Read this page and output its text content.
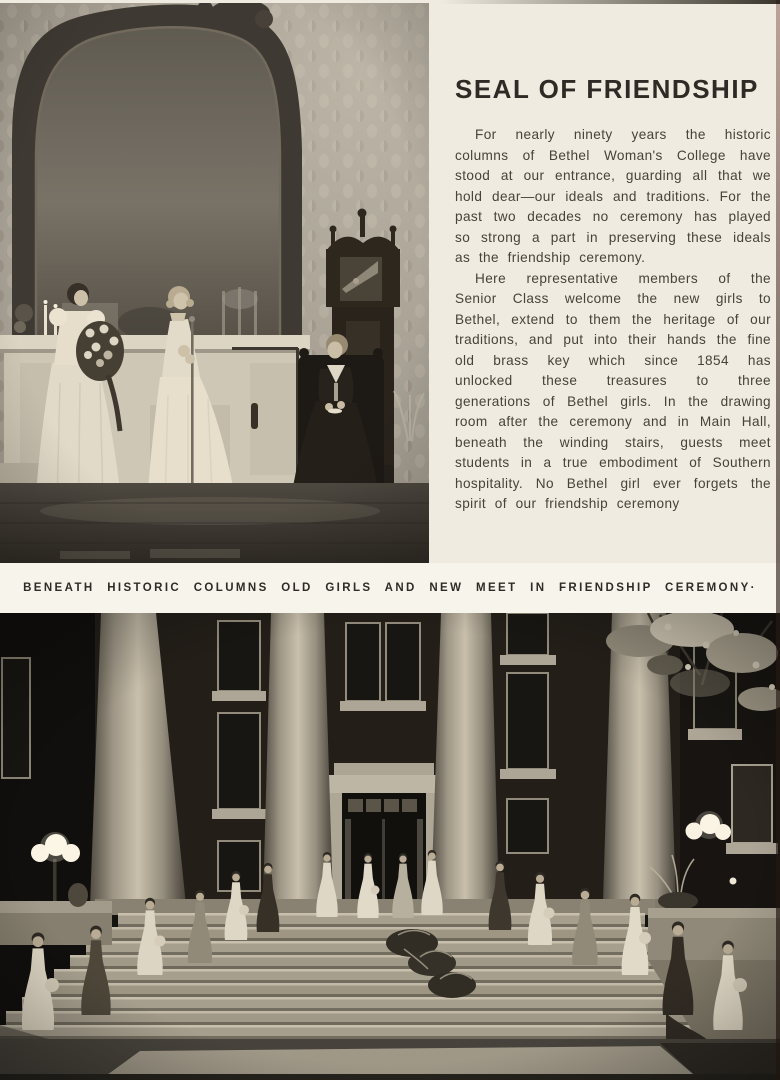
SEAL OF FRIENDSHIP

For nearly ninety years the historic columns of Bethel Woman's College have stood at our entrance, guarding all that we hold dear—our ideals and traditions. For the past two decades no ceremony has played so strong a part in preserving these ideals as the friendship ceremony.

Here representative members of the Senior Class welcome the new girls to Bethel, extend to them the heritage of our traditions, and put into their hands the fine old brass key which since 1854 has unlocked these treasures to three generations of Bethel girls. In the drawing room after the ceremony and in Main Hall, beneath the winding stairs, guests meet students in a true embodiment of Southern hospitality. No Bethel girl ever forgets the spirit of our friendship ceremony

BENEATH HISTORIC COLUMNS OLD GIRLS AND NEW MEET IN FRIENDSHIP CEREMONY·
